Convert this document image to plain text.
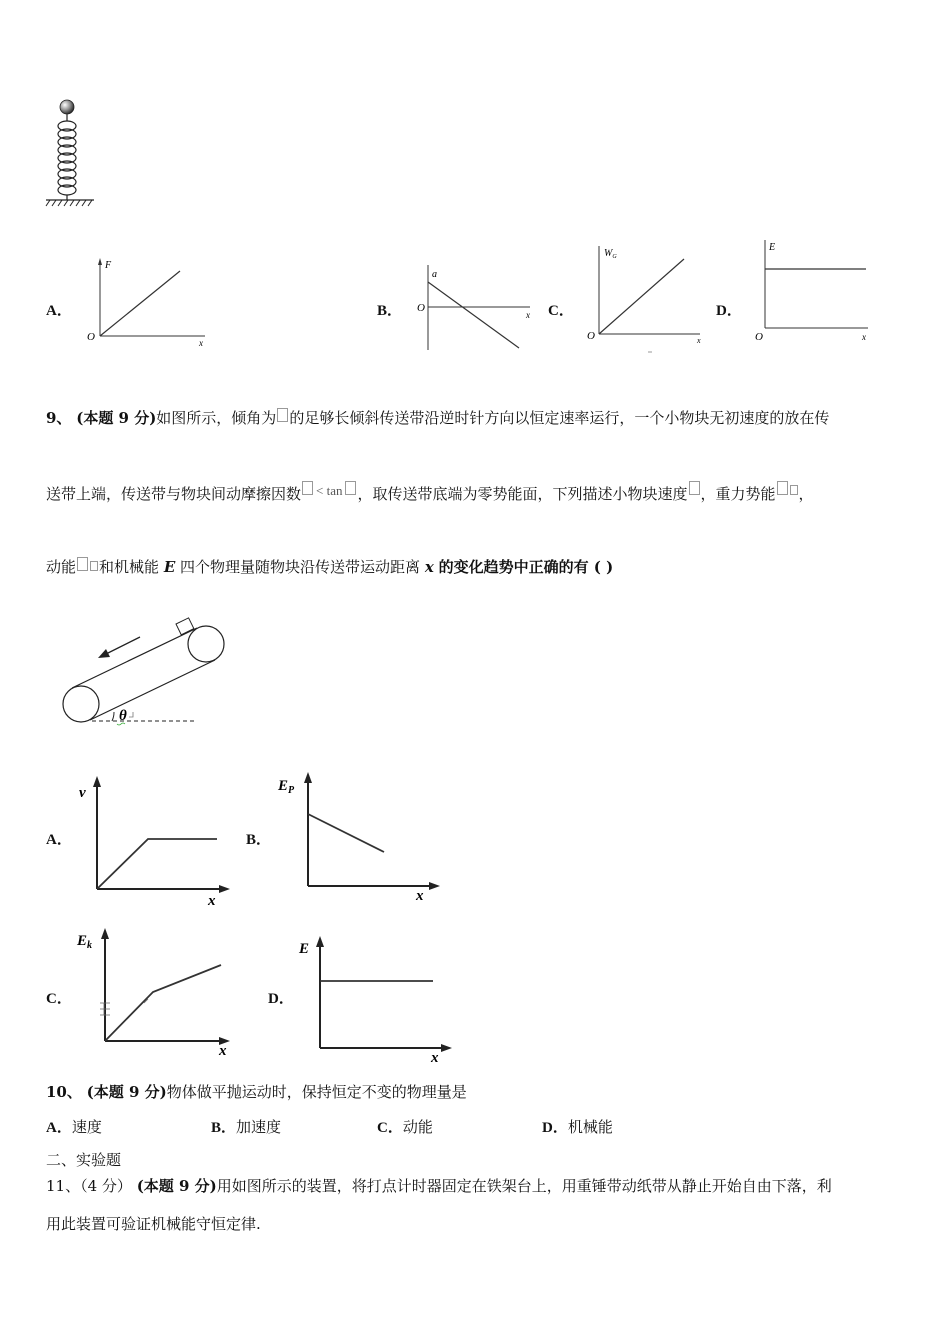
A．
F
x
O
B．
a
x
O	C．
$W_G$
x
O
D．
E
x
O
9、 (本题 9 分)如图所示，倾角为 的足够长倾斜传送带沿逆时针方向以恒定速率运行，一个小物块无初速度的放在传
送带上端，传送带与物块间动摩擦因数 < tan ，取传送带底端为零势能面，下列描述小物块速度 ，重力势能 ，
动能 和机械能 E 四个物理量随物块沿传送带运动距离 x 的变化趋势中正确的有 ( )
θ
A．
v
x
B．
$E_P$
x
C．
$E_k$
x
D．
E
x
10、 (本题 9 分)物体做平抛运动时，保持恒定不变的物理量是
A．速度	B．加速度	C．动能	D．机械能
二、实验题
11、（4 分） (本题 9 分)用如图所示的装置，将打点计时器固定在铁架台上，用重锤带动纸带从静止开始自由下落，利
用此装置可验证机械能守恒定律.
